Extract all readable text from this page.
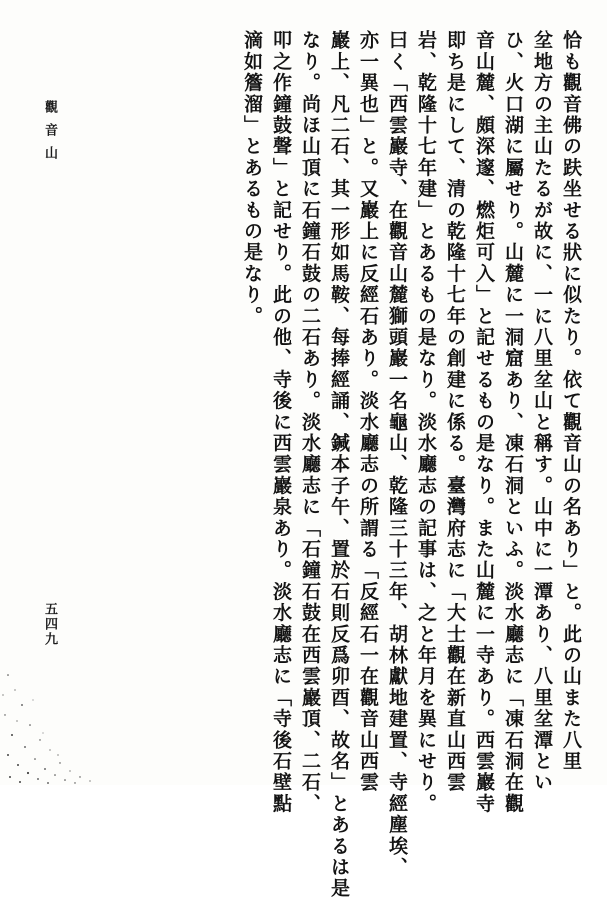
觀音山
五四九	恰も觀音佛の趺坐せる狀に似たり。依て觀音山の名あり」と。此の山また八里
坌地方の主山たるが故に、一に八里坌山と稱す。山中に一潭あり、八里坌潭とい
ひ、火口湖に屬せり。山麓に一洞窟あり、凍石洞といふ。淡水廳志に「凍石洞在觀
音山麓、頗深邃、燃炬可入」と記せるもの是なり。また山麓に一寺あり。西雲巖寺
即ち是にして、清の乾隆十七年の創建に係る。臺灣府志に「大士觀在新直山西雲
岩、乾隆十七年建」とあるもの是なり。淡水廳志の記事は、之と年月を異にせり。
曰く「西雲巖寺、在觀音山麓獅頭巖一名龜山、乾隆三十三年、胡林獻地建置、寺經塵埃、
亦一異也」と。又巖上に反經石あり。淡水廳志の所謂る「反經石一在觀音山西雲
巖上、凡二石、其一形如馬鞍、每捧經誦、鍼本子午、置於石則反爲卯酉、故名」とあるは是
なり。尚ほ山頂に石鐘石鼓の二石あり。淡水廳志に「石鐘石鼓在西雲巖頂、二石、
叩之作鐘鼓聲」と記せり。此の他、寺後に西雲巖泉あり。淡水廳志に「寺後石壁點
滴如簷溜」とあるもの是なり。
